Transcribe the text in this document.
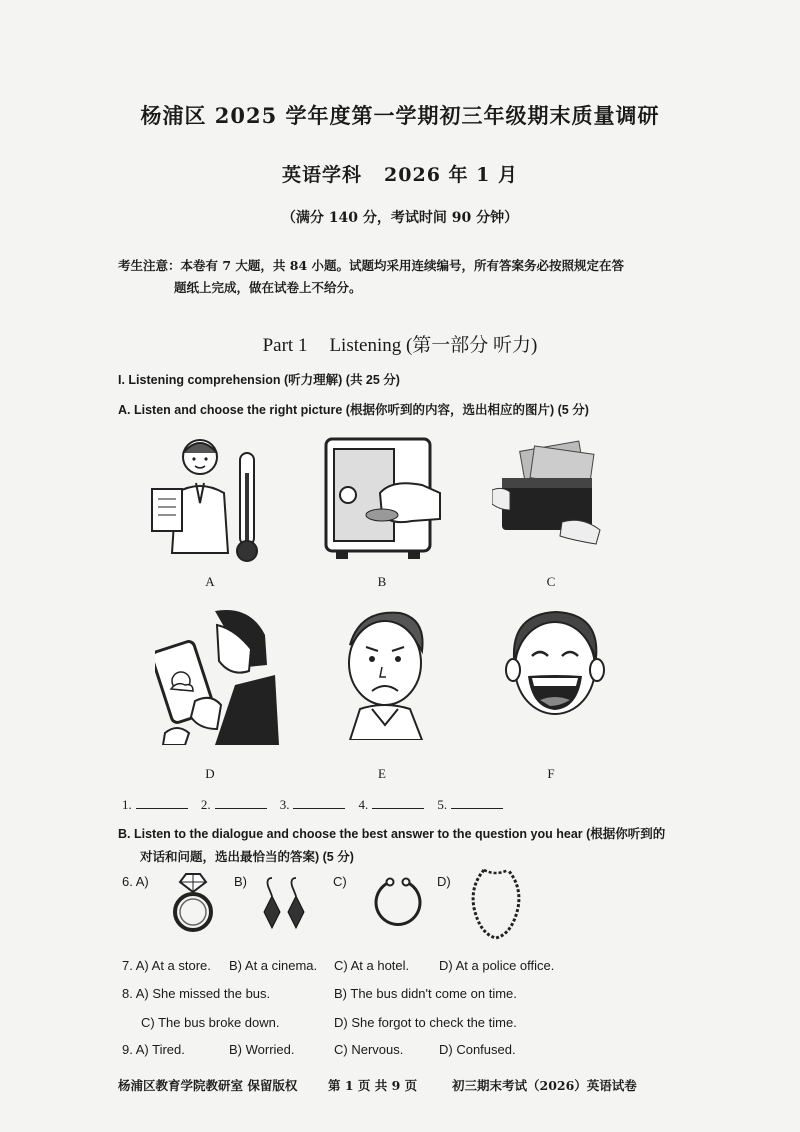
杨浦区 2025 学年度第一学期初三年级期末质量调研
英语学科 2026 年 1 月
（满分 140 分，考试时间 90 分钟）
考生注意：本卷有 7 大题，共 84 小题。试题均采用连续编号，所有答案务必按照规定在答
题纸上完成，做在试卷上不给分。
Part 1 Listening (第一部分 听力)
I. Listening comprehension (听力理解) (共 25 分)
A. Listen and choose the right picture (根据你听到的内容，选出相应的图片) (5 分)
A	B	C
D	E	F
1.	2.	3.	4.	5.
B. Listen to the dialogue and choose the best answer to the question you hear (根据你听到的
对话和问题，选出最恰当的答案) (5 分)
6. A)	B)	C)	D)
7. A) At a store. B) At a cinema. C) At a hotel. D) At a police office.
8. A) She missed the bus.	B) The bus didn't come on time.
C) The bus broke down.	D) She forgot to check the time.
9. A) Tired.	B) Worried.	C) Nervous.	D) Confused.
杨浦区教育学院教研室 保留版权 第 1 页 共 9 页	初三期末考试（2026）英语试卷
